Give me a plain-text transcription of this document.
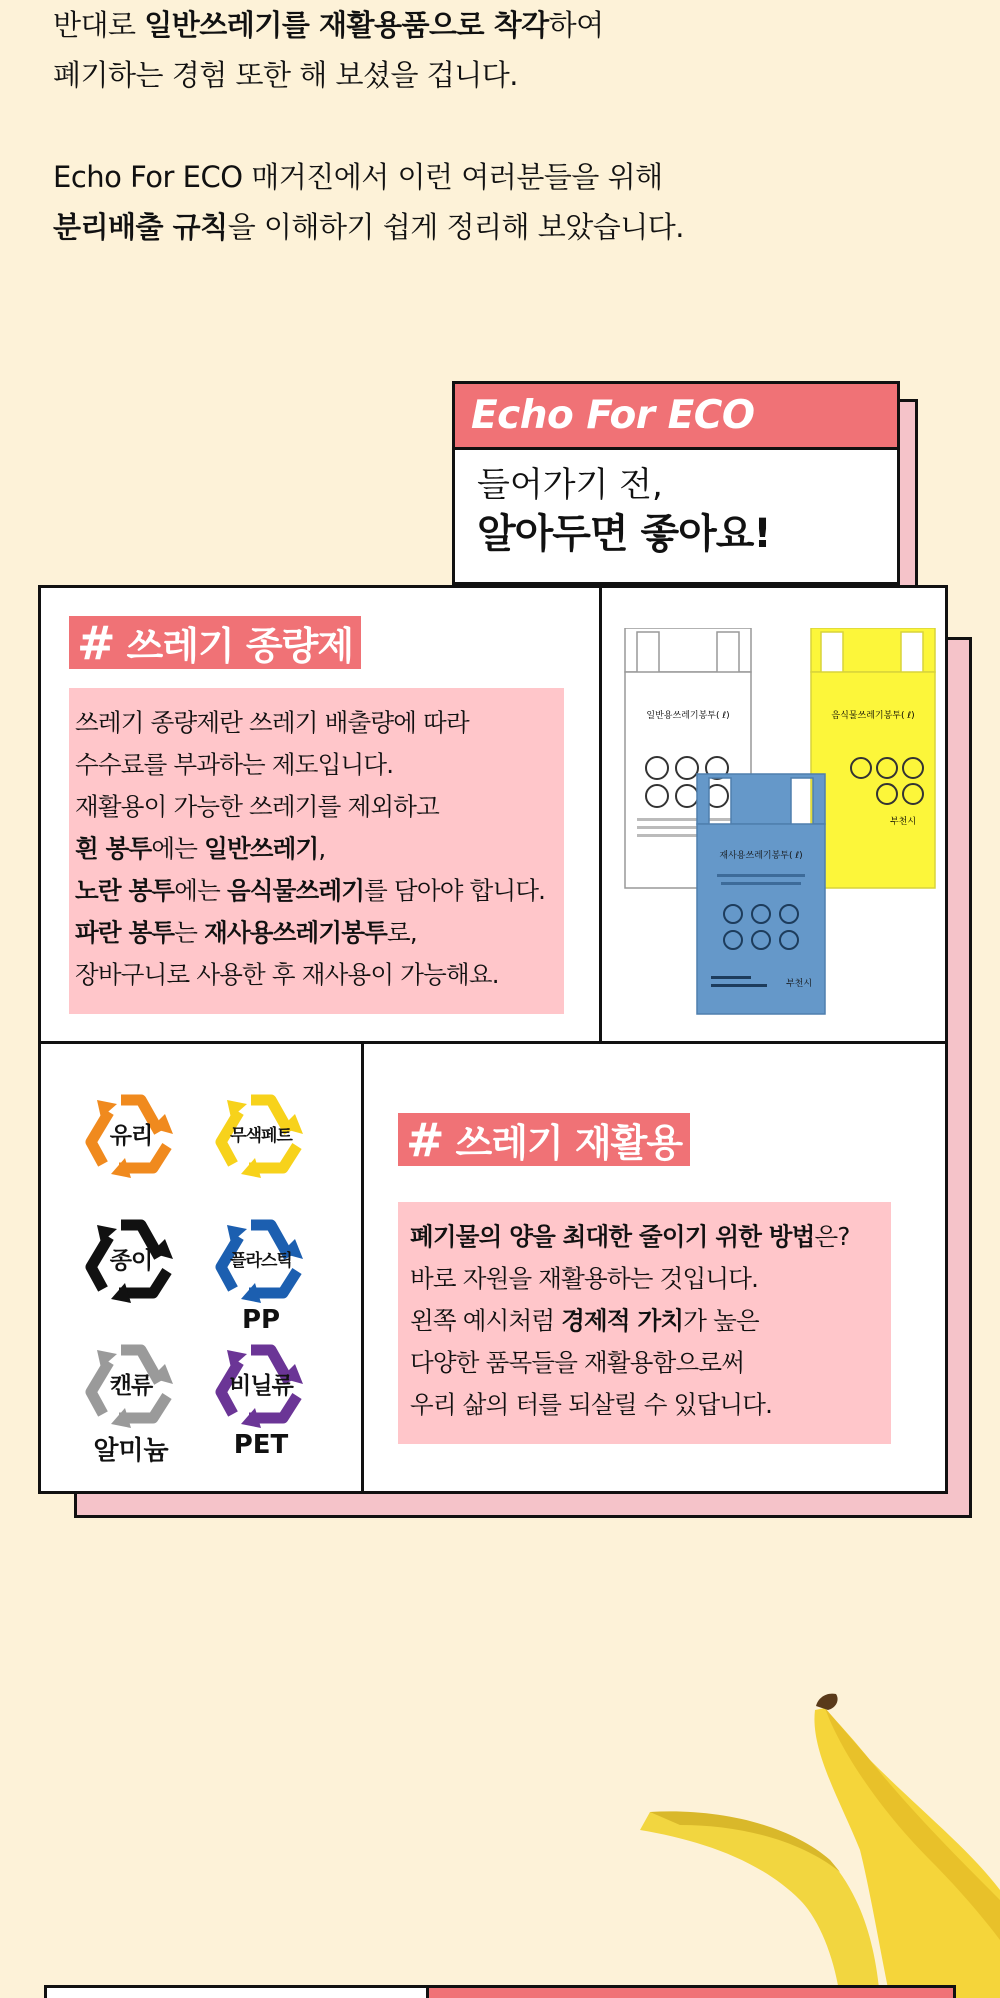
반대로 일반쓰레기를 재활용품으로 착각하여

폐기하는 경험 또한 해 보셨을 겁니다.

Echo For ECO 매거진에서 이런 여러분들을 위해

분리배출 규칙을 이해하기 쉽게 정리해 보았습니다.

Echo For ECO
들어가기 전,
알아두면 좋아요!
# 쓰레기 종량제

쓰레기 종량제란 쓰레기 배출량에 따라

수수료를 부과하는 제도입니다.

재활용이 가능한 쓰레기를 제외하고

흰 봉투에는 일반쓰레기,

노란 봉투에는 음식물쓰레기를 담아야 합니다.

파란 봉투는 재사용쓰레기봉투로,

장바구니로 사용한 후 재사용이 가능해요.

일반용쓰레기봉투( ℓ)	음식물쓰레기봉투( ℓ)
부천시
재사용쓰레기봉투( ℓ)
부천시
유리	무색페트
종이	플라스틱
PP
캔류
알미늄
비닐류
PET
# 쓰레기 재활용

폐기물의 양을 최대한 줄이기 위한 방법은?

바로 자원을 재활용하는 것입니다.

왼쪽 예시처럼 경제적 가치가 높은

다양한 품목들을 재활용함으로써

우리 삶의 터를 되살릴 수 있답니다.
